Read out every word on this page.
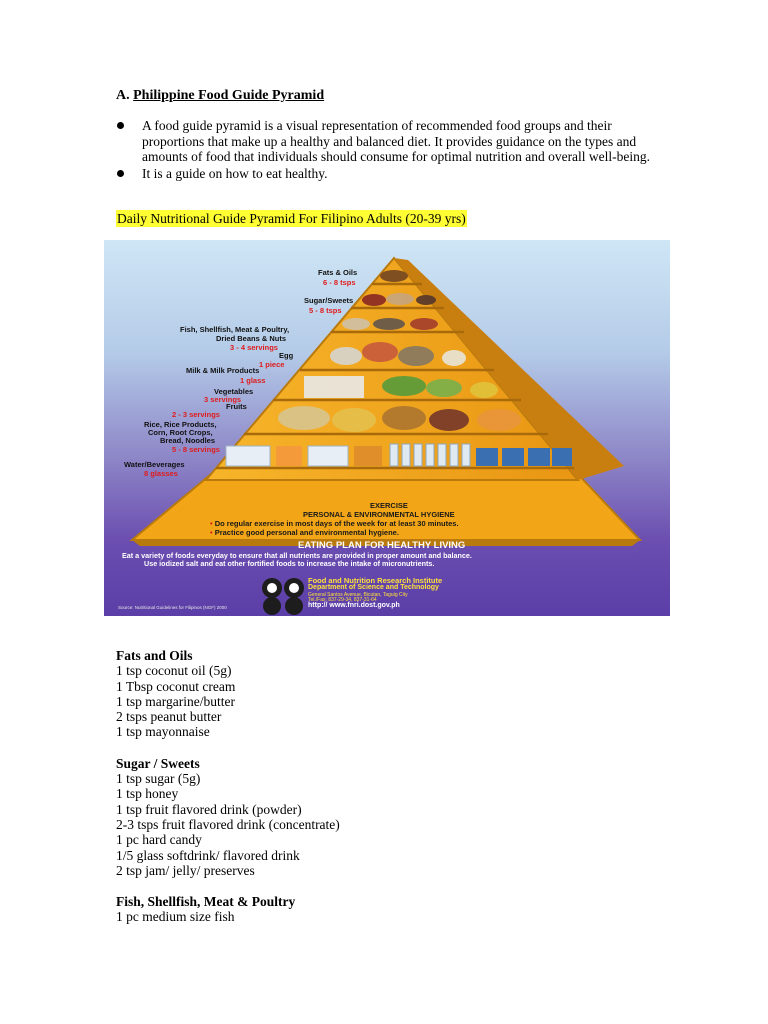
A. Philippine Food Guide Pyramid
A food guide pyramid is a visual representation of recommended food groups and their proportions that make up a healthy and balanced diet. It provides guidance on the types and amounts of food that individuals should consume for optimal nutrition and overall well-being.
It is a guide on how to eat healthy.
Daily Nutritional Guide Pyramid For Filipino Adults (20-39 yrs)
Fats & Oils
6 - 8 tsps
Sugar/Sweets
5 - 8 tsps
Fish, Shellfish, Meat & Poultry,
Dried Beans & Nuts
3 - 4 servings
Egg
1 piece
Milk & Milk Products
1 glass
Vegetables
3 servings
Fruits
2 - 3 servings
Rice, Rice Products,
Corn, Root Crops,
Bread, Noodles
5 - 8 servings
Water/Beverages
8 glasses
EXERCISE
PERSONAL & ENVIRONMENTAL HYGIENE
• Do regular exercise in most days of the week for at least 30 minutes.
• Practice good personal and environmental hygiene.
EATING PLAN FOR HEALTHY LIVING
Eat a variety of foods everyday to ensure that all nutrients are provided in proper amount and balance.
Use iodized salt and eat other fortified foods to increase the intake of micronutrients.
Food and Nutrition Research Institute
Department of Science and Technology
General Santos Avenue, Bicutan, Taguig City
Tel./Fax: 837-29-34, 837-31-64
http:// www.fnri.dost.gov.ph
Source: Nutritional Guidelines for Filipinos (NGF) 2000
Fats and Oils
1 tsp coconut oil (5g)
1 Tbsp coconut cream
1 tsp margarine/butter
2 tsps peanut butter
1 tsp mayonnaise
Sugar / Sweets
1 tsp sugar (5g)
1 tsp honey
1 tsp fruit flavored drink (powder)
2-3 tsps fruit flavored drink (concentrate)
1 pc hard candy
1/5 glass softdrink/ flavored drink
2 tsp jam/ jelly/ preserves
Fish, Shellfish, Meat & Poultry
1 pc medium size fish
